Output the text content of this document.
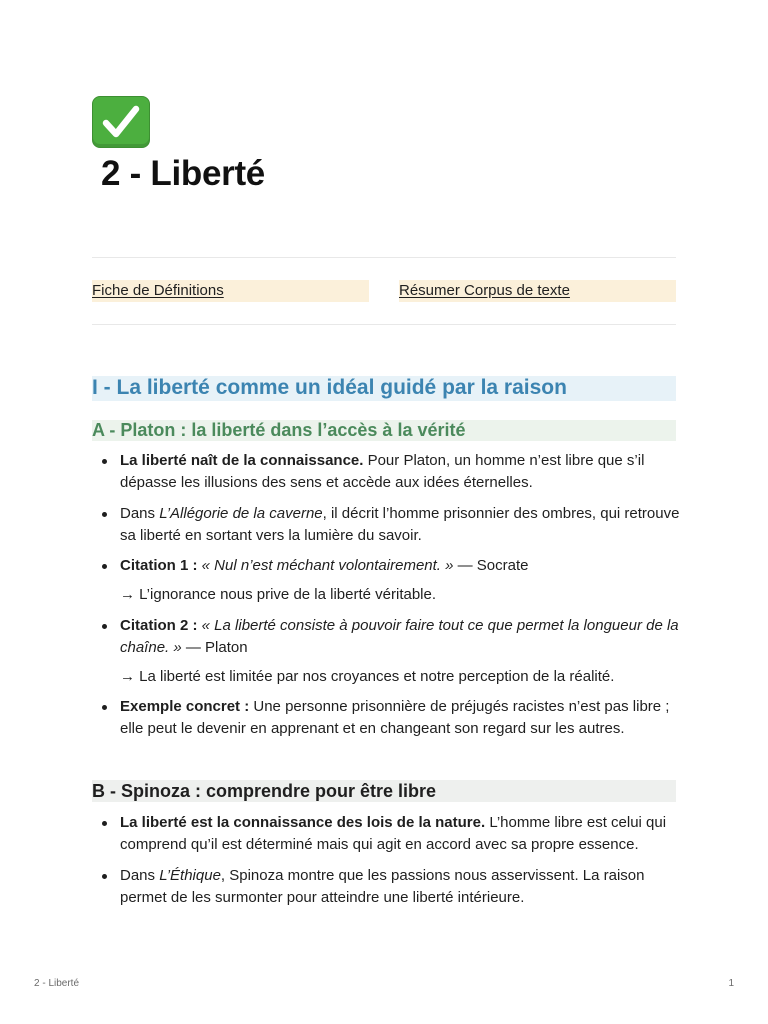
2 - Liberté
Fiche de Définitions	Résumer Corpus de texte
I - La liberté comme un idéal guidé par la raison
A - Platon : la liberté dans l’accès à la vérité
La liberté naît de la connaissance. Pour Platon, un homme n’est libre que s’il dépasse les illusions des sens et accède aux idées éternelles.
Dans L’Allégorie de la caverne, il décrit l’homme prisonnier des ombres, qui retrouve sa liberté en sortant vers la lumière du savoir.
Citation 1 : « Nul n’est méchant volontairement. » — Socrate

→ L’ignorance nous prive de la liberté véritable.

Citation 2 : « La liberté consiste à pouvoir faire tout ce que permet la longueur de la chaîne. » — Platon

→ La liberté est limitée par nos croyances et notre perception de la réalité.

Exemple concret : Une personne prisonnière de préjugés racistes n’est pas libre ; elle peut le devenir en apprenant et en changeant son regard sur les autres.
B - Spinoza : comprendre pour être libre
La liberté est la connaissance des lois de la nature. L’homme libre est celui qui comprend qu’il est déterminé mais qui agit en accord avec sa propre essence.
Dans L’Éthique, Spinoza montre que les passions nous asservissent. La raison permet de les surmonter pour atteindre une liberté intérieure.
2 - Liberté	1
